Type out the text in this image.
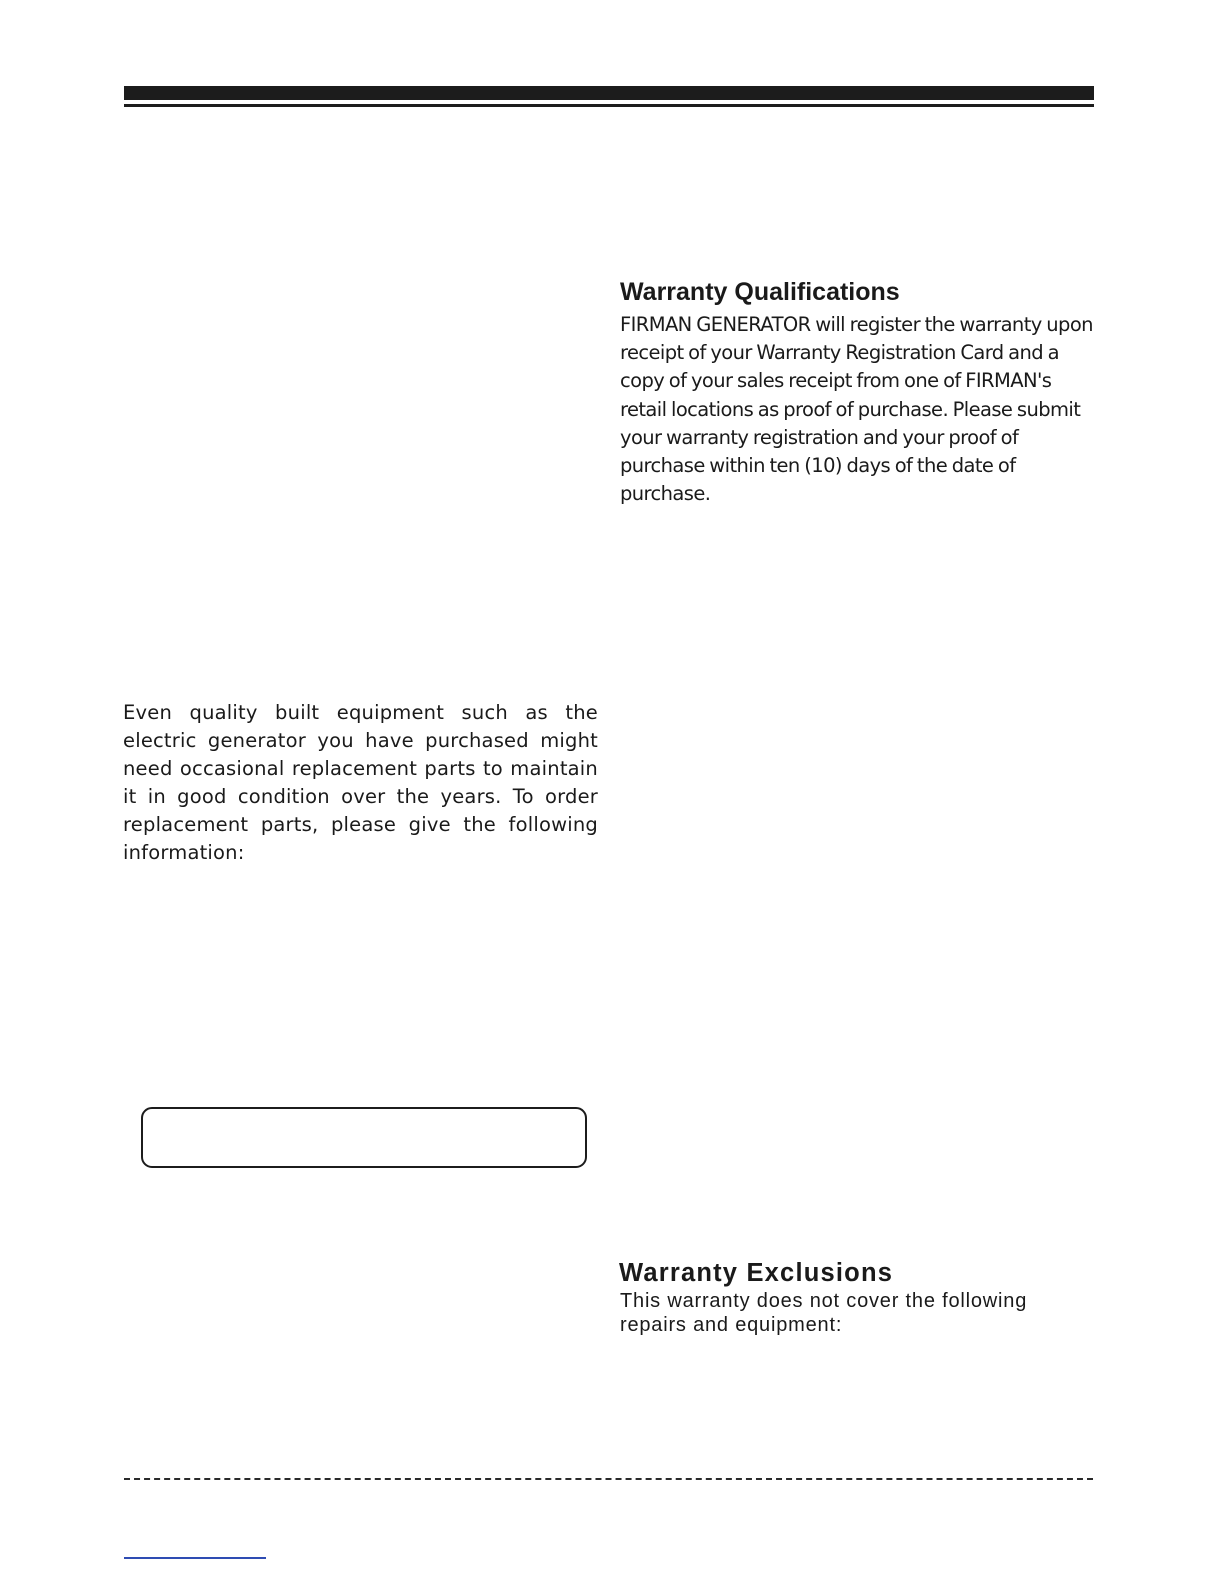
Warranty Qualifications

FIRMAN GENERATOR will register the warranty upon receipt of your Warranty Registration Card and a copy of your sales receipt from one of FIRMAN's retail locations as proof of purchase. Please submit your warranty registration and your proof of purchase within ten (10) days of the date of purchase.

Even quality built equipment such as the electric generator you have purchased might need occasional replacement parts to maintain it in good condition over the years. To order replacement parts, please give the following information:

Warranty Exclusions

This warranty does not cover the following repairs and equipment:
